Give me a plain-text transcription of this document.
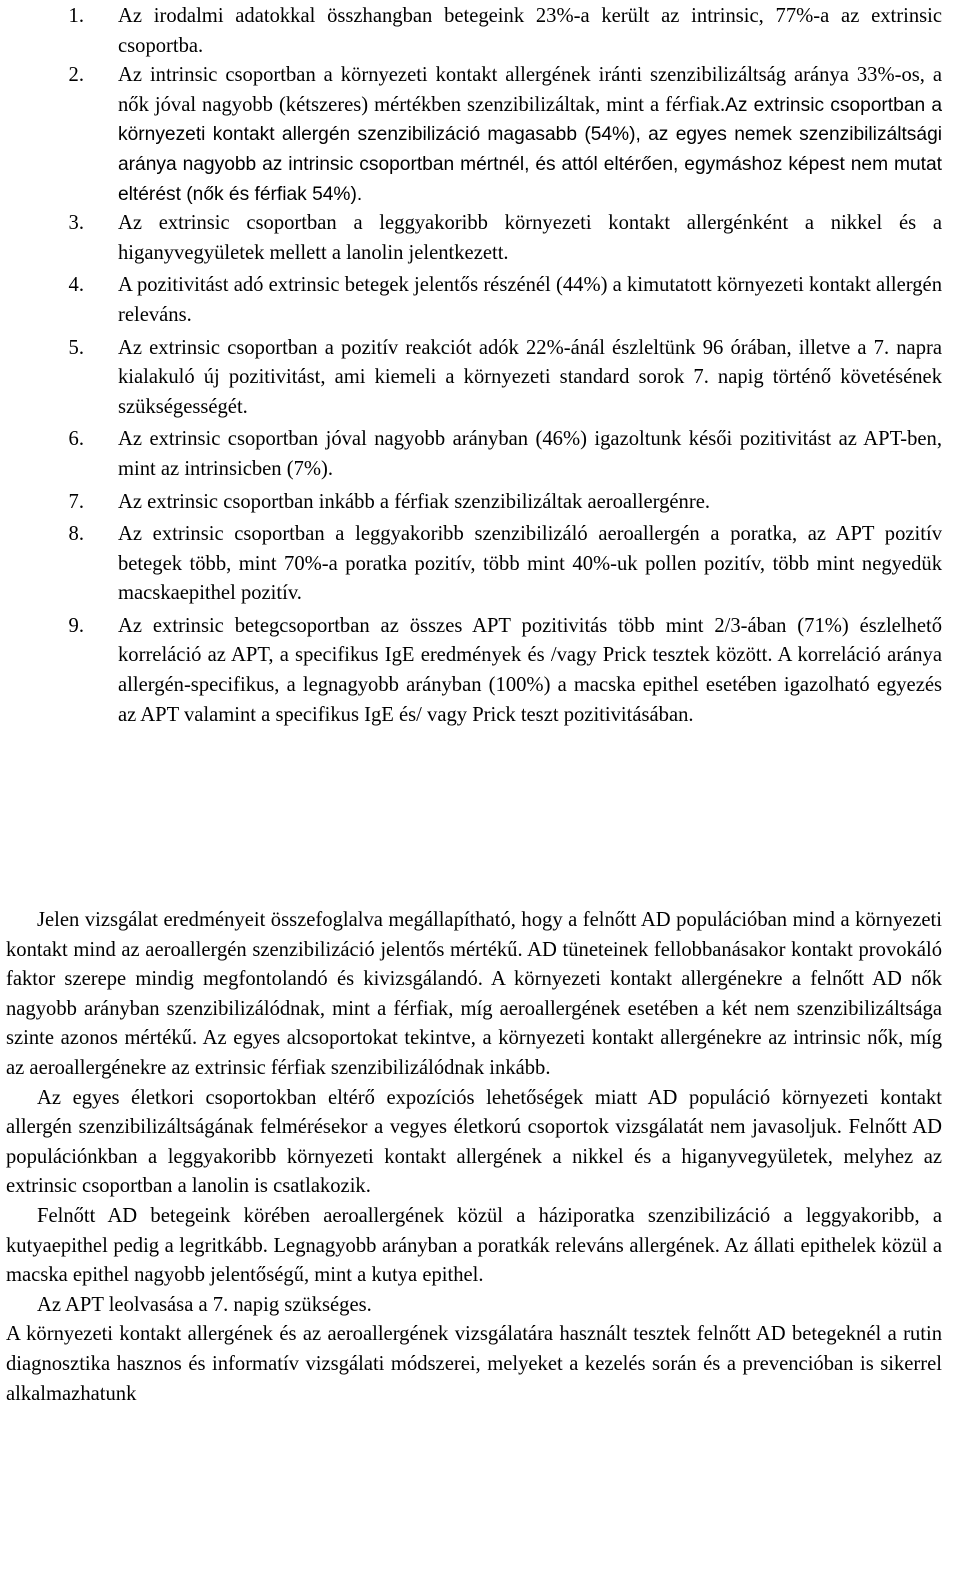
1. Az irodalmi adatokkal összhangban betegeink 23%-a került az intrinsic, 77%-a az extrinsic csoportba.
2. Az intrinsic csoportban a környezeti kontakt allergének iránti szenzibilizáltság aránya 33%-os, a nők jóval nagyobb (kétszeres) mértékben szenzibilizáltak, mint a férfiak.Az extrinsic csoportban a környezeti kontakt allergén szenzibilizáció magasabb (54%), az egyes nemek szenzibilizáltsági aránya nagyobb az intrinsic csoportban mértnél, és attól eltérően, egymáshoz képest nem mutat eltérést (nők és férfiak 54%).
3. Az extrinsic csoportban a leggyakoribb környezeti kontakt allergénként a nikkel és a higanyvegyületek mellett a lanolin jelentkezett.
4. A pozitivitást adó extrinsic betegek jelentős részénél (44%) a kimutatott környezeti kontakt allergén releváns.
5. Az extrinsic csoportban a pozitív reakciót adók 22%-ánál észleltünk 96 órában, illetve a 7. napra kialakuló új pozitivitást, ami kiemeli a környezeti standard sorok 7. napig történő követésének szükségességét.
6. Az extrinsic csoportban jóval nagyobb arányban (46%) igazoltunk késői pozitivitást az APT-ben, mint az intrinsicben (7%).
7. Az extrinsic csoportban inkább a férfiak szenzibilizáltak aeroallergénre.
8. Az extrinsic csoportban a leggyakoribb szenzibilizáló aeroallergén a poratka, az APT pozitív betegek több, mint 70%-a poratka pozitív, több mint 40%-uk pollen pozitív, több mint negyedük macskaepithel pozitív.
9. Az extrinsic betegcsoportban az összes APT pozitivitás több mint 2/3-ában (71%) észlelhető korreláció az APT, a specifikus IgE eredmények és /vagy Prick tesztek között. A korreláció aránya allergén-specifikus, a legnagyobb arányban (100%) a macska epithel esetében igazolható egyezés az APT valamint a specifikus IgE és/ vagy Prick teszt pozitivitásában.

Jelen vizsgálat eredményeit összefoglalva megállapítható, hogy a felnőtt AD populációban mind a környezeti kontakt mind az aeroallergén szenzibilizáció jelentős mértékű. AD tüneteinek fellobbanásakor kontakt provokáló faktor szerepe mindig megfontolandó és kivizsgálandó. A környezeti kontakt allergénekre a felnőtt AD nők nagyobb arányban szenzibilizálódnak, mint a férfiak, míg aeroallergének esetében a két nem szenzibilizáltsága szinte azonos mértékű. Az egyes alcsoportokat tekintve, a környezeti kontakt allergénekre az intrinsic nők, míg az aeroallergénekre az extrinsic férfiak szenzibilizálódnak inkább.

Az egyes életkori csoportokban eltérő expozíciós lehetőségek miatt AD populáció környezeti kontakt allergén szenzibilizáltságának felmérésekor a vegyes életkorú csoportok vizsgálatát nem javasoljuk. Felnőtt AD populációnkban a leggyakoribb környezeti kontakt allergének a nikkel és a higanyvegyületek, melyhez az extrinsic csoportban a lanolin is csatlakozik.

Felnőtt AD betegeink körében aeroallergének közül a háziporatka szenzibilizáció a leggyakoribb, a kutyaepithel pedig a legritkább. Legnagyobb arányban a poratkák releváns allergének. Az állati epithelek közül a macska epithel nagyobb jelentőségű, mint a kutya epithel.

Az APT leolvasása a 7. napig szükséges.

A környezeti kontakt allergének és az aeroallergének vizsgálatára használt tesztek felnőtt AD betegeknél a rutin diagnosztika hasznos és informatív vizsgálati módszerei, melyeket a kezelés során és a prevencióban is sikerrel alkalmazhatunk
